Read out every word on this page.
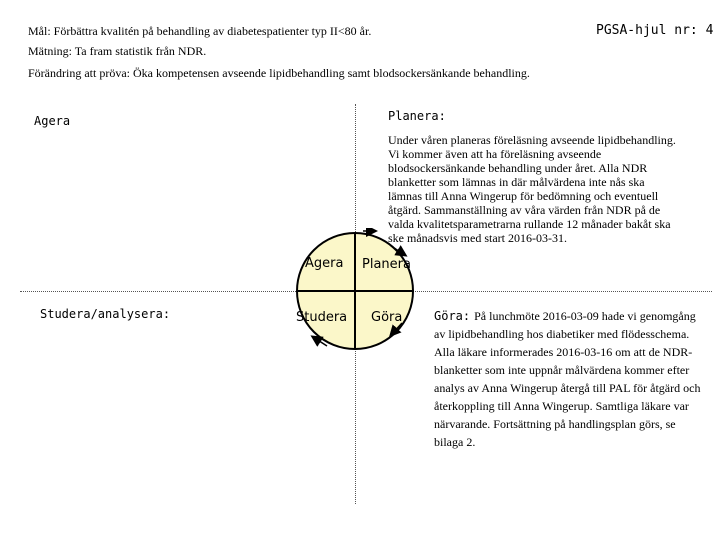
Mål: Förbättra kvalitén på behandling av diabetespatienter typ II<80 år.	PGSA-hjul nr: 4
Mätning: Ta fram statistik från NDR.
Förändring att pröva: Öka kompetensen avseende lipidbehandling samt blodsockersänkande behandling.
Agera	Planera:
Under våren planeras föreläsning avseende lipidbehandling. Vi kommer även att ha föreläsning avseende blodsockersänkande behandling under året. Alla NDR blanketter som lämnas in där målvärdena inte nås ska lämnas till Anna Wingerup för bedömning och eventuell åtgärd. Sammanställning av våra värden från NDR på de valda kvalitetsparametrarna rullande 12 månader bakåt ska ske månadsvis med start 2016-03-31.
Studera/analysera:	Göra: På lunchmöte 2016-03-09 hade vi genomgång av lipidbehandling hos diabetiker med flödesschema. Alla läkare informerades 2016-03-16 om att de NDR-blanketter som inte uppnår målvärdena kommer efter analys av Anna Wingerup återgå till PAL för åtgärd och återkoppling till Anna Wingerup. Samtliga läkare var närvarande. Fortsättning på handlingsplan görs, se bilaga 2.
Agera Planera
Studera Göra
